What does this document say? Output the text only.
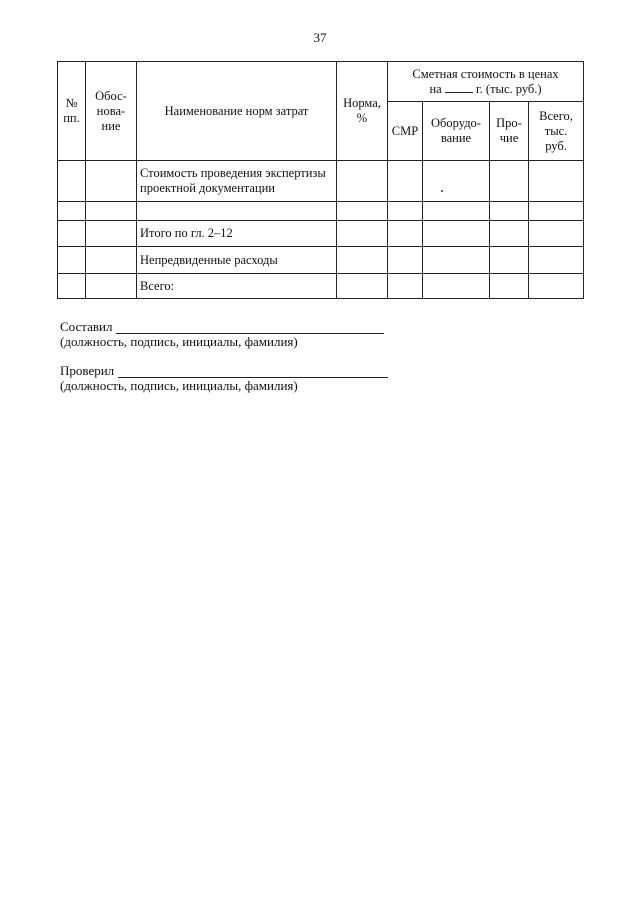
37
№ пп.	Обос-нова-ние	Наименование норм затрат	Норма, %	Сметная стоимость в ценах
на г. (тыс. руб.)			

				СМР	Оборудо-вание	Про-чие	Всего, тыс. руб.
		Стоимость проведения экспертизы проектной документации					

		Итого по гл. 2–12					
		Непредвиденные расходы					
		Всего:					
Составил
(должность, подпись, инициалы, фамилия)
Проверил
(должность, подпись, инициалы, фамилия)
